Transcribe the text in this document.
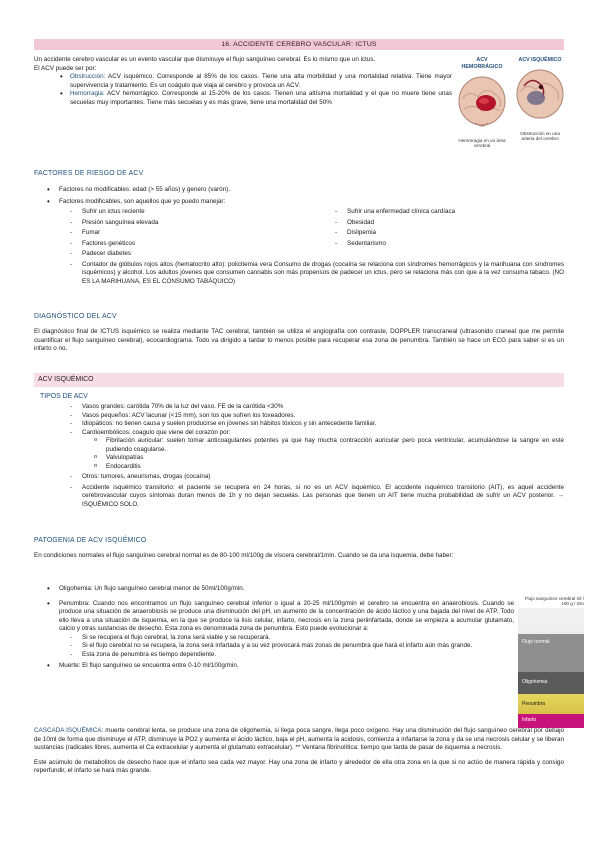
16. ACCIDENTE CEREBRO VASCULAR: ICTUS

Un accidente cerebro vascular es un evento vascular que disminuye el flujo sanguíneo cerebral. Es lo mismo que un ictus.

El ACV puede ser por:

• Obstrucción: ACV isquémico. Corresponde al 85% de los casos. Tiene una alta morbilidad y una mortalidad relativa. Tiene mayor supervivencia y tratamiento. Es un coágulo que viaja al cerebro y provoca un ACV.
• Hemorragia: ACV hemorrágico. Corresponde al 15-20% de los casos. Tienen una altísima mortalidad y el que no muere tiene unas secuelas muy importantes. Tiene más secuelas y es más grave, tiene una mortalidad del 50%
ACV HEMORRÁGICO
Hemorragia en un área cerebral
ACV ISQUÉMICO
Obstrucción en una arteria del cerebro
FACTORES DE RIESGO DE ACV

• Factores no modificables: edad (> 55 años) y genero (varón).

• Factores modificables, son aquellos que yo puedo manejar:

- Sufrir un ictus reciente

- Presión sanguínea elevada

- Fumar

- Factores genéticos

- Padecer diabetes

- Sufrir una enfermedad clínica cardíaca

- Obesidad

- Dislipemia

- Sedentarismo

- Contador de glóbulos rojos altos (hematocrito alto): policitemia vera Consumo de drogas (cocaína se relaciona con síndromes hemorrágicos y la marihuana con síndromes isquémicos) y alcohol. Los adultos jóvenes que consumen cannabis son más propensos de padecer un ictus, pero se relaciona más con que a la vez consuma tabaco. (NO ES LA MARIHUANA, ES EL CONSUMO TABÁQUICO)

DIAGNÓSTICO DEL ACV

El diagnóstico final de ICTUS isquémico se realiza mediante TAC cerebral, también se utiliza el angiografía con contraste, DOPPLER transcraneal (ultrasonido craneal que me permite cuantificar el flujo sanguíneo cerebral), ecocardiograma. Todo va dirigido a tardar lo menos posible para recuperar esa zona de penumbra. También se hace un ECG para saber si es un infarto o no.

ACV ISQUÉMICO
TIPOS DE ACV

- Vasos grandes: carótida 70% de la luz del vaso. FE de la carótida <30%

- Vasos pequeños: ACV lacunar (<15 mm), son los que sufren los toxeadores.

- Idiopáticos: no tienen causa y suelen producirse en jóvenes sin hábitos tóxicos y sin antecedente familiar.

- Cardioembólicos: coagulo que viene del corazón por:

o Fibrilación auricular: suelen tomar anticoagulantes potentes ya que hay mucha contracción auricular pero poca ventricular, acumulándose la sangre en este pudiendo coagularse.

o Valvulopatías

o Endocarditis

- Otros: tumores, aneurismas, drogas (cocaína)

- Accidente isquémico transitorio: el paciente se recupera en 24 horas, si no es un ACV isquémico. El accidente isquémico transitorio (AIT), es aquel accidente cerebrovascular cuyos síntomas duran menos de 1h y no dejan secuelas. Las personas que tienen un AIT tiene mucha probabilidad de sufrir un ACV posterior. → ISQUÉMICO SOLO.

PATOGENIA DE ACV ISQUÉMICO

En condiciones normales el flujo sanguíneo cerebral normal es de 80-100 ml/100g de víscera cerebral/1min. Cuando se da una isquemia, debe haber:

• Oligohemia: Un flujo sanguíneo cerebral menor de 50ml/100g/min.

• Penumbra: Cuando nos encontramos un flujo sanguíneo cerebral inferior o igual a 20-25 ml/100g/min el cerebro se encuentra en anaerobiosis. Cuando se produce una situación de anaerobiosis se produce una disminución del pH, un aumento de la concentración de ácido láctico y una bajada del nivel de ATP. Todo ello lleva a una situación de isquemia, en la que se produce la lisis celular, infarto, necrosis en la zona periinfartada, donde se empieza a acumular glutamato, calcio y otras sustancias de desecho. Esta zona es denominada zona de penumbra. Esto puede evolucionar a:

- Si se recupera el flujo cerebral, la zona será viable y se recuperará.

- Si el flujo cerebral no se recupera, la zona será infartada y a su vez provocará más zonas de penumbra que hará el infarto aún más grande.

- Esta zona de penumbra es tiempo dependiente.

• Muerte: El flujo sanguíneo se encuentra entre 0-10 ml/100g/min.

Flujo sanguíneo cerebral ml / 100 g / min
Flujo normal
Oligohemia
Penumbra
Infarto

CASCADA ISQUÉMICA: muerte cerebral lenta, se produce una zona de oligohemia, si llega poca sangre, llega poco oxígeno. Hay una disminución del flujo sanguíneo cerebral por debajo de 10ml de forma que disminuye el ATP, disminuye la PO2 y aumenta el ácido láctico, baja el pH, aumenta la acidosis, comienza a infartarse la zona y da se una necrosis celular y se liberan sustancias (radicales libres, aumenta el Ca extracelular y aumenta el glutamato extracelular). ** Ventana fibrinolítica: tiempo que tarda de pasar de isquemia a necrosis.

Este acúmulo de metabolitos de desecho hace que el infarto sea cada vez mayor. Hay una zona de infarto y alrededor de ella otra zona en la que si no actúo de manera rápida y consigo reperfundir, el infarto se hará más grande.
